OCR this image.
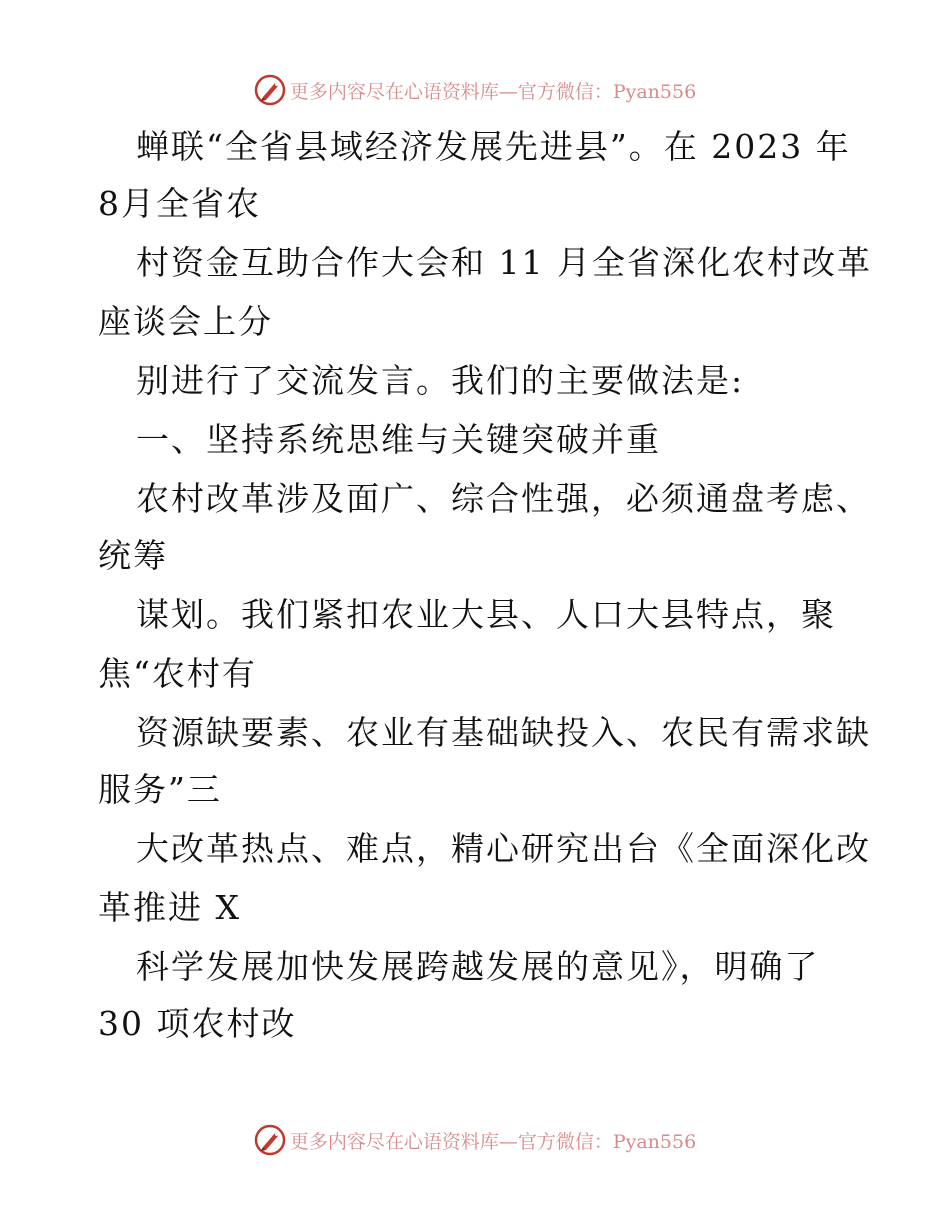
更多内容尽在心语资料库—官方微信：Pyan556
蝉联“全省县域经济发展先进县”。在 2023 年
8月全省农
村资金互助合作大会和 11 月全省深化农村改革
座谈会上分
别进行了交流发言。我们的主要做法是:
一、坚持系统思维与关键突破并重
农村改革涉及面广、综合性强，必须通盘考虑、
统筹
谋划。我们紧扣农业大县、人口大县特点，聚
焦“农村有
资源缺要素、农业有基础缺投入、农民有需求缺
服务”三
大改革热点、难点，精心研究出台《全面深化改
革推进 X
科学发展加快发展跨越发展的意见》，明确了
30 项农村改
更多内容尽在心语资料库—官方微信：Pyan556
